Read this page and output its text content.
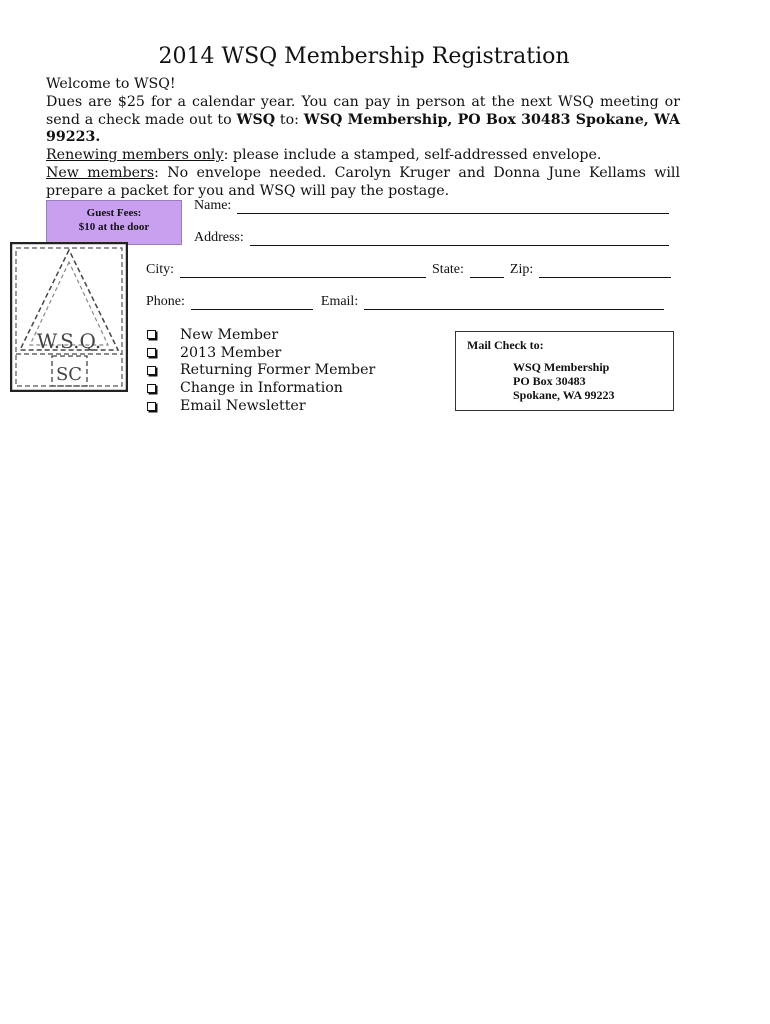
2014 WSQ Membership Registration

Welcome to WSQ!

Dues are $25 for a calendar year. You can pay in person at the next WSQ meeting or send a check made out to WSQ to: WSQ Membership, PO Box 30483 Spokane, WA 99223.

Renewing members only: please include a stamped, self-addressed envelope.

New members: No envelope needed. Carolyn Kruger and Donna June Kellams will prepare a packet for you and WSQ will pay the postage.

Guest Fees:
$10 at the door
W.S.Q.
SC
Name:
Address:
City:	State:	Zip:
Phone:	Email:
New Member
2013 Member
Returning Former Member
Change in Information
Email Newsletter
Mail Check to:
WSQ Membership
PO Box 30483
Spokane, WA 99223
